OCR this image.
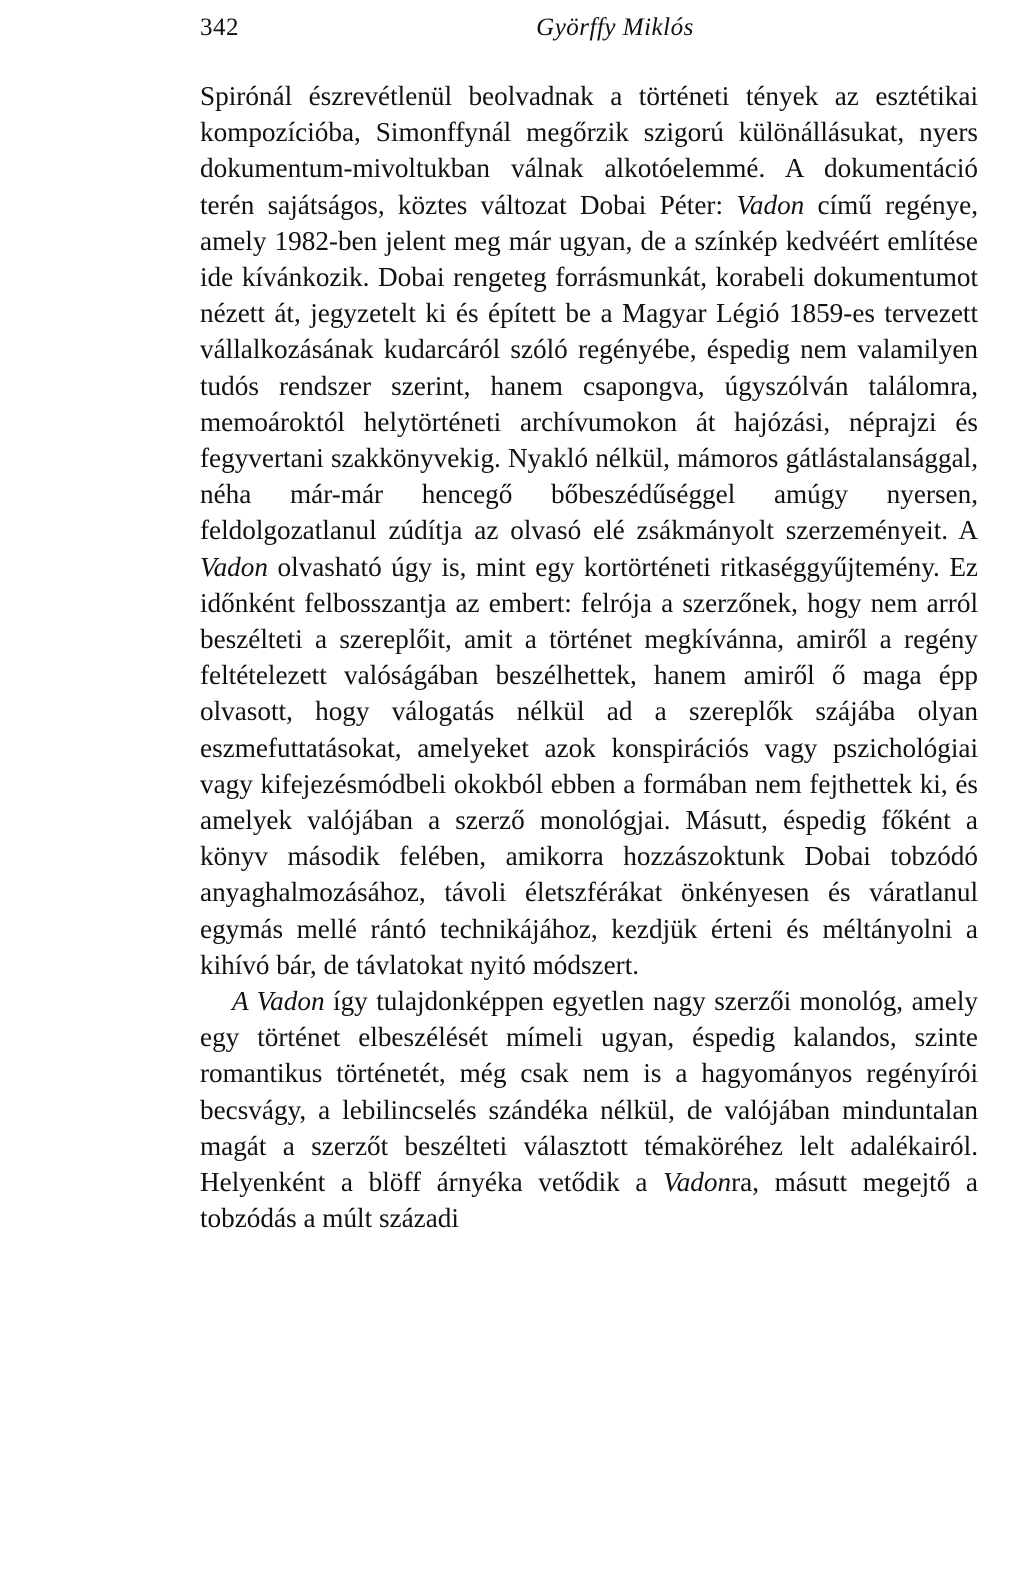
342	Györffy Miklós

Spirónál észrevétlenül beolvadnak a történeti tények az esztétikai kompozícióba, Simonffynál megőrzik szigorú különállásukat, nyers dokumentum-mivoltukban válnak alkotóelemmé. A dokumentáció terén sajátságos, köztes változat Dobai Péter: Vadon című regénye, amely 1982-ben jelent meg már ugyan, de a színkép kedvéért említése ide kívánkozik. Dobai rengeteg forrásmunkát, korabeli dokumentumot nézett át, jegyzetelt ki és épített be a Magyar Légió 1859-es tervezett vállalkozásának kudarcáról szóló regényébe, éspedig nem valamilyen tudós rendszer szerint, hanem csapongva, úgyszólván találomra, memoároktól helytörténeti archívumokon át hajózási, néprajzi és fegyvertani szakkönyvekig. Nyakló nélkül, mámoros gátlástalansággal, néha már-már hencegő bőbeszédűséggel amúgy nyersen, feldolgozatlanul zúdítja az olvasó elé zsákmányolt szerzeményeit. A Vadon olvasható úgy is, mint egy kortörténeti ritkaséggyűjtemény. Ez időnként felbosszantja az embert: felrója a szerzőnek, hogy nem arról beszélteti a szereplőit, amit a történet megkívánna, amiről a regény feltételezett valóságában beszélhettek, hanem amiről ő maga épp olvasott, hogy válogatás nélkül ad a szereplők szájába olyan eszmefuttatásokat, amelyeket azok konspirációs vagy pszichológiai vagy kifejezésmódbeli okokból ebben a formában nem fejthettek ki, és amelyek valójában a szerző monológjai. Másutt, éspedig főként a könyv második felében, amikorra hozzászoktunk Dobai tobzódó anyaghalmozásához, távoli életszférákat önkényesen és váratlanul egymás mellé rántó technikájához, kezdjük érteni és méltányolni a kihívó bár, de távlatokat nyitó módszert.

A Vadon így tulajdonképpen egyetlen nagy szerzői monológ, amely egy történet elbeszélését mímeli ugyan, éspedig kalandos, szinte romantikus történetét, még csak nem is a hagyományos regényírói becsvágy, a lebilincselés szándéka nélkül, de valójában minduntalan magát a szerzőt beszélteti választott témaköréhez lelt adalékairól. Helyenként a blöff árnyéka vetődik a Vadonra, másutt megejtő a tobzódás a múlt századi
